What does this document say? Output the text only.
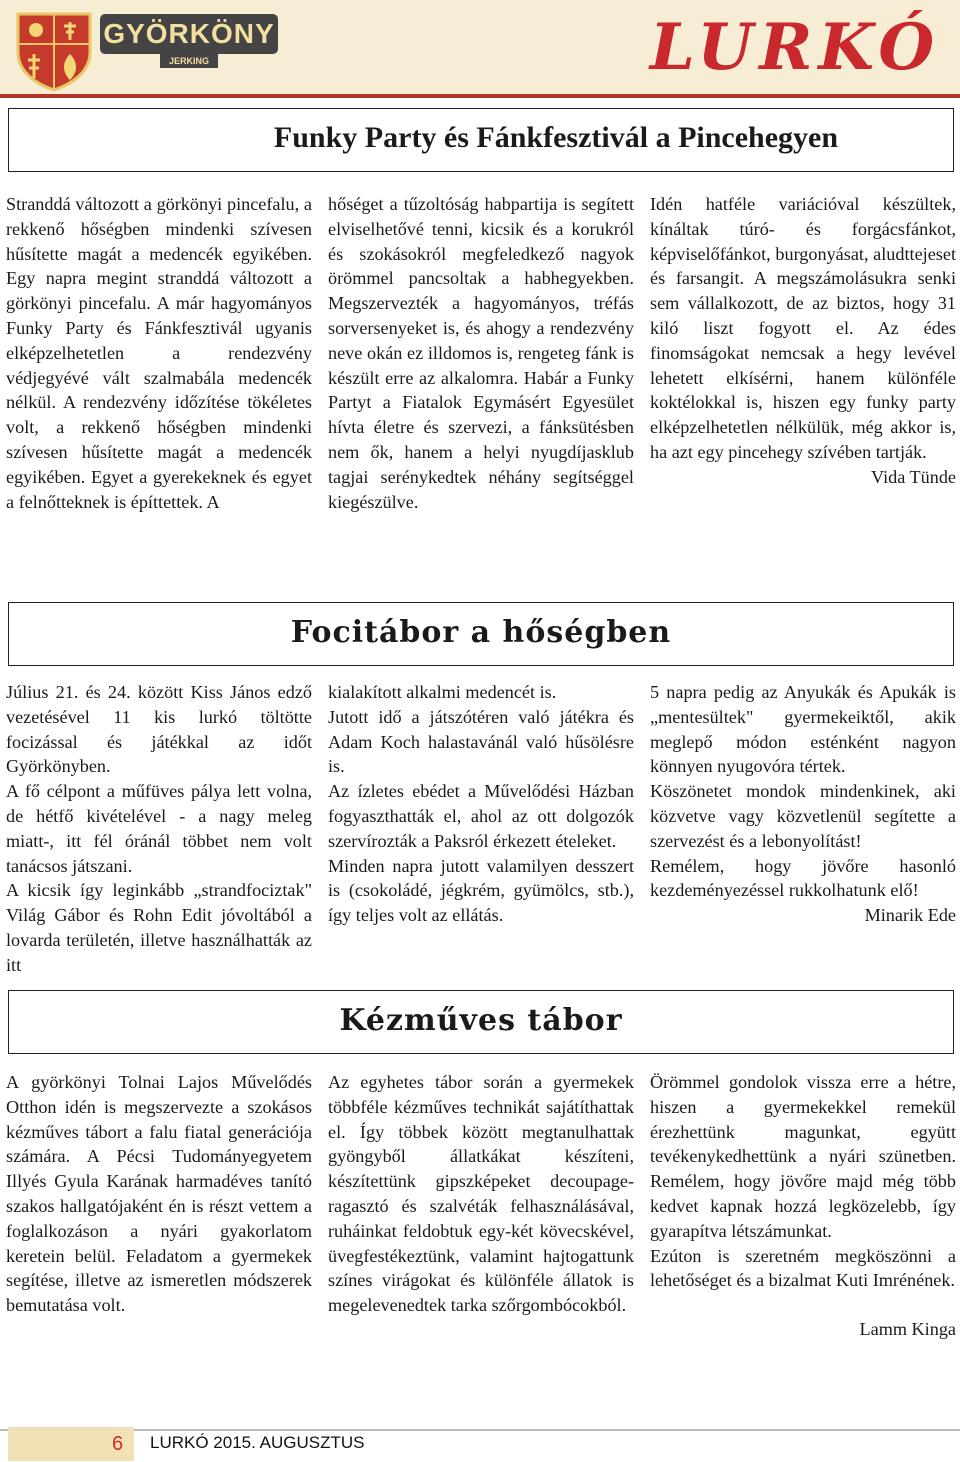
GYÖRKÖNY
JERKING	LURKÓ
Funky Party és Fánkfesztivál a Pincehegyen

Stranddá változott a görkönyi pincefalu, a rekkenő hőségben mindenki szívesen hűsítette magát a medencék egyikében. Egy napra megint stranddá változott a görkönyi pincefalu. A már hagyományos Funky Party és Fánkfesztivál ugyanis elképzelhetetlen a rendezvény védjegyévé vált szalmabála medencék nélkül. A rendezvény időzítése tökéletes volt, a rekkenő hőségben mindenki szívesen hűsítette magát a medencék egyikében. Egyet a gyerekeknek és egyet a felnőtteknek is építtettek. A

hőséget a tűzoltóság habpartija is segített elviselhetővé tenni, kicsik és a korukról és szokásokról megfeledkező nagyok örömmel pancsoltak a habhegyekben. Megszervezték a hagyományos, tréfás sorversenyeket is, és ahogy a rendezvény neve okán ez illdomos is, rengeteg fánk is készült erre az alkalomra. Habár a Funky Partyt a Fiatalok Egymásért Egyesület hívta életre és szervezi, a fánksütésben nem ők, hanem a helyi nyugdíjasklub tagjai serénykedtek néhány segítséggel kiegészülve.

Idén hatféle variációval készültek, kínáltak túró- és forgácsfánkot, képviselőfánkot, burgonyásat, aludttejeset és farsangit. A megszámolásukra senki sem vállalkozott, de az biztos, hogy 31 kiló liszt fogyott el. Az édes finomságokat nemcsak a hegy levével lehetett elkísérni, hanem különféle koktélokkal is, hiszen egy funky party elképzelhetetlen nélkülük, még akkor is, ha azt egy pincehegy szívében tartják.

Vida Tünde
Focitábor a hőségben

Július 21. és 24. között Kiss János edző vezetésével 11 kis lurkó töltötte focizással és játékkal az időt Györkönyben.

A fő célpont a műfüves pálya lett volna, de hétfő kivételével - a nagy meleg miatt-, itt fél óránál többet nem volt tanácsos játszani.

A kicsik így leginkább „strandfociztak" Világ Gábor és Rohn Edit jóvoltából a lovarda területén, illetve használhatták az itt

kialakított alkalmi medencét is.

Jutott idő a játszótéren való játékra és Adam Koch halastavánál való hűsölésre is.

Az ízletes ebédet a Művelődési Házban fogyaszthatták el, ahol az ott dolgozók szervírozták a Paksról érkezett ételeket.

Minden napra jutott valamilyen desszert is (csokoládé, jégkrém, gyümölcs, stb.), így teljes volt az ellátás.

5 napra pedig az Anyukák és Apukák is „mentesültek" gyermekeiktől, akik meglepő módon esténként nagyon könnyen nyugovóra tértek.

Köszönetet mondok mindenkinek, aki közvetve vagy közvetlenül segítette a szervezést és a lebonyolítást!

Remélem, hogy jövőre hasonló kezdeményezéssel rukkolhatunk elő!

Minarik Ede
Kézműves tábor

A györkönyi Tolnai Lajos Művelődés Otthon idén is megszervezte a szokásos kézműves tábort a falu fiatal generációja számára. A Pécsi Tudományegyetem Illyés Gyula Karának harmadéves tanító szakos hallgatójaként én is részt vettem a foglalkozáson a nyári gyakorlatom keretein belül. Feladatom a gyermekek segítése, illetve az ismeretlen módszerek bemutatása volt.

Az egyhetes tábor során a gyermekek többféle kézműves technikát sajátíthattak el. Így többek között megtanulhattak gyöngyből állatkákat készíteni, készítettünk gipszképeket decoupage-ragasztó és szalvéták felhasználásával, ruháinkat feldobtuk egy-két kövecskével, üvegfestékeztünk, valamint hajtogattunk színes virágokat és különféle állatok is megelevenedtek tarka szőrgombócokból.

Örömmel gondolok vissza erre a hétre, hiszen a gyermekekkel remekül érezhettünk magunkat, együtt tevékenykedhettünk a nyári szünetben. Remélem, hogy jövőre majd még több kedvet kapnak hozzá legközelebb, így gyarapítva létszámunkat.

Ezúton is szeretném megköszönni a lehetőséget és a bizalmat Kuti Imrénének.

Lamm Kinga
6	LURKÓ 2015. AUGUSZTUS
